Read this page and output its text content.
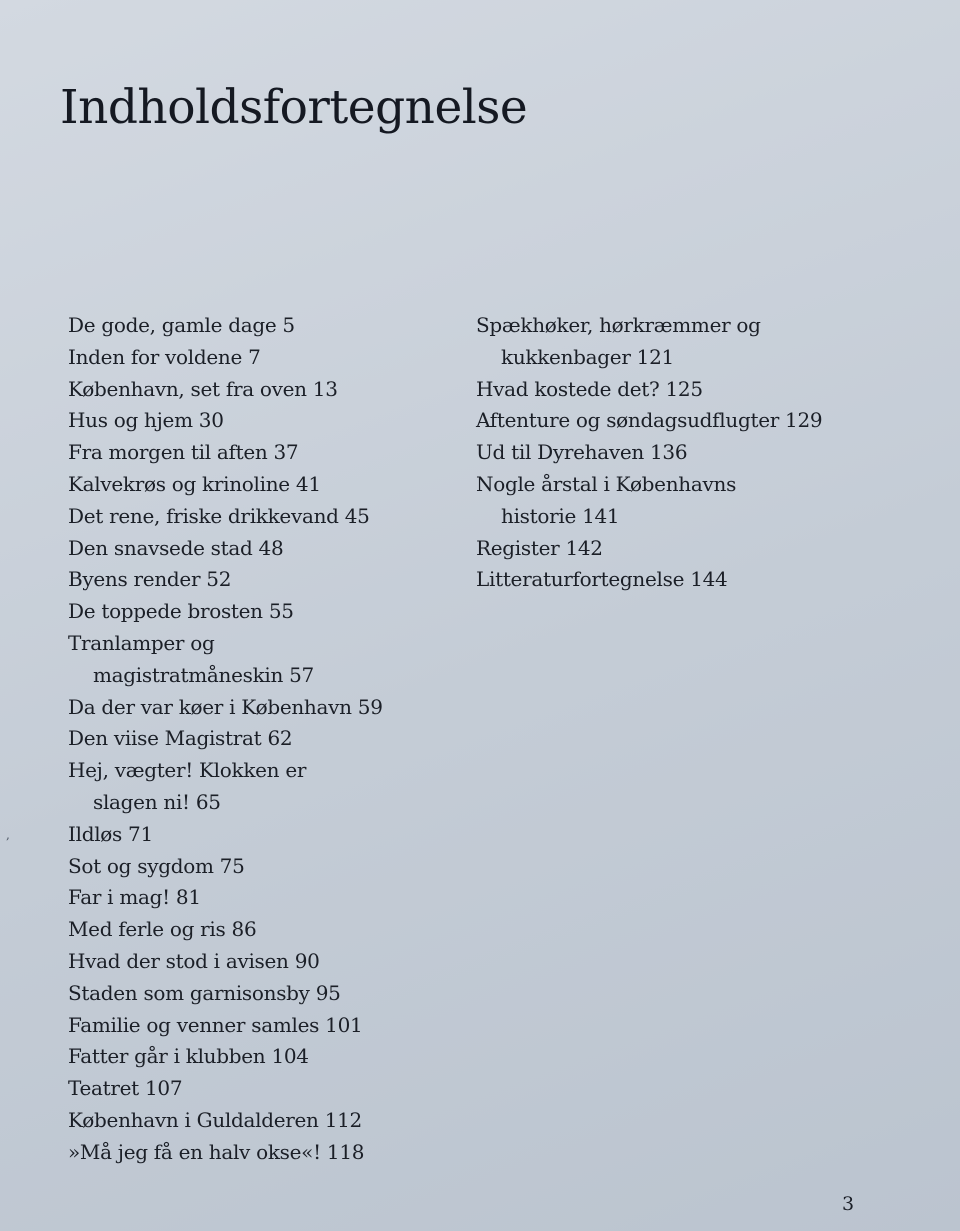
Indholdsfortegnelse
De gode, gamle dage 5
Inden for voldene 7
København, set fra oven 13
Hus og hjem 30
Fra morgen til aften 37
Kalvekrøs og krinoline 41
Det rene, friske drikkevand 45
Den snavsede stad 48
Byens render 52
De toppede brosten 55
Tranlamper og
magistratmåneskin 57
Da der var køer i København 59
Den viise Magistrat 62
Hej, vægter! Klokken er
slagen ni! 65
Ildløs 71
Sot og sygdom 75
Far i mag! 81
Med ferle og ris 86
Hvad der stod i avisen 90
Staden som garnisonsby 95
Familie og venner samles 101
Fatter går i klubben 104
Teatret 107
København i Guldalderen 112
»Må jeg få en halv okse«! 118
Spækhøker, hørkræmmer og
kukkenbager 121
Hvad kostede det? 125
Aftenture og søndagsudflugter 129
Ud til Dyrehaven 136
Nogle årstal i Københavns
historie 141
Register 142
Litteraturfortegnelse 144
3
,
